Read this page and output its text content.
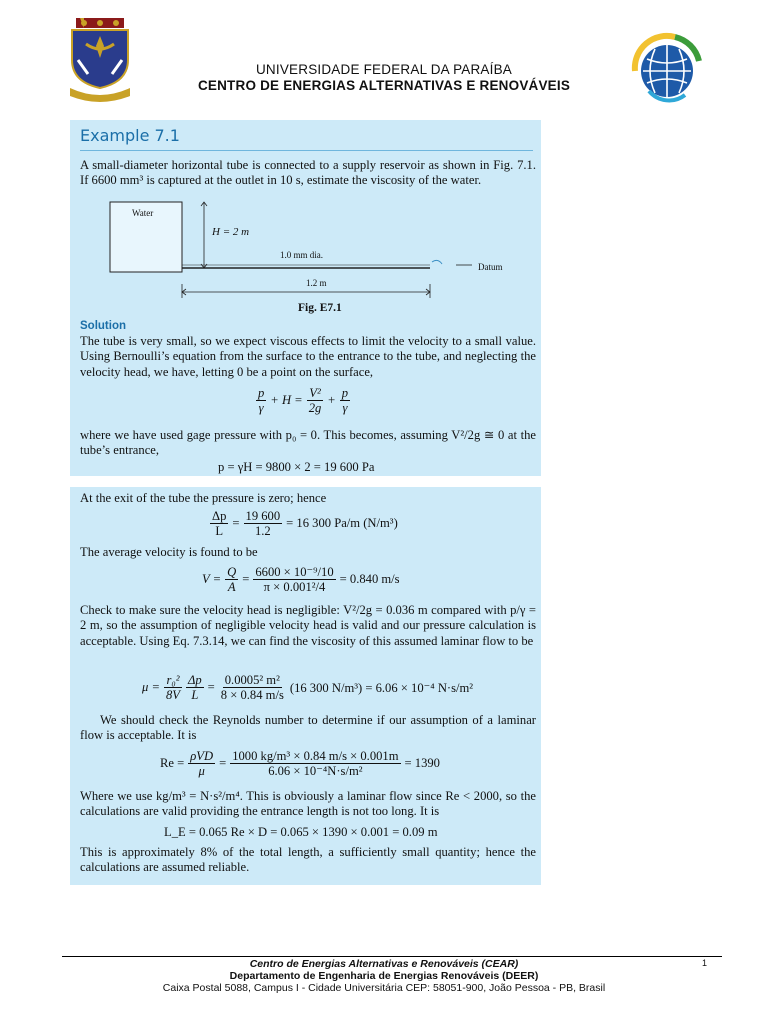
UNIVERSIDADE FEDERAL DA PARAÍBA
CENTRO DE ENERGIAS ALTERNATIVAS E RENOVÁVEIS
Example 7.1

A small-diameter horizontal tube is connected to a supply reservoir as shown in Fig. 7.1. If 6600 mm³ is captured at the outlet in 10 s, estimate the viscosity of the water.

Water
H = 2 m
1.0 mm dia.
Datum
1.2 m
Fig. E7.1
Solution

The tube is very small, so we expect viscous effects to limit the velocity to a small value. Using Bernoulli’s equation from the surface to the entrance to the tube, and neglecting the velocity head, we have, letting 0 be a point on the surface,

$\frac{p}{\gamma} + H = \frac{\text{V²}}{2g} + \frac{p}{\gamma}$

where we have used gage pressure with p₀ = 0. This becomes, assuming V²/2g ≅ 0 at the tube’s entrance,

p = γH = 9800 × 2 = 19 600 Pa

At the exit of the tube the pressure is zero; hence

$\frac{\Delta p}{L} = \frac{19 600}{1.2} = 16$ 300 Pa/m (N/m³)

The average velocity is found to be

$V = \frac{Q}{A} = \frac{\text{6600 × 10⁻⁹/10}}{\text{π × 0.001²/4}} = 0.840$ m/s

Check to make sure the velocity head is negligible: V²/2g = 0.036 m compared with p/γ = 2 m, so the assumption of negligible velocity head is valid and our pressure calculation is acceptable. Using Eq. 7.3.14, we can find the viscosity of this assumed laminar flow to be

$\mu = \frac{\text{r₀²}}{8V} \frac{\Delta p}{L} = \frac{\text{0.0005² m²}}{8 \times 0.84 m/s} (16$ 300 N/m³) = 6.06 × 10⁻⁴ N·s/m²

We should check the Reynolds number to determine if our assumption of a laminar flow is acceptable. It is

$Re = \frac{\text{ρVD}}{\mu} = \frac{\text{1000 kg/m³ × 0.84 m/s × 0.001m}}{\text{6.06 × 10⁻⁴N·s/m²}} = 1390$

Where we use kg/m³ = N·s²/m⁴. This is obviously a laminar flow since Re < 2000, so the calculations are valid providing the entrance length is not too long. It is

L_E = 0.065 Re × D = 0.065 × 1390 × 0.001 = 0.09 m

This is approximately 8% of the total length, a sufficiently small quantity; hence the calculations are assumed reliable.

Centro de Energias Alternativas e Renováveis (CEAR)
Departamento de Engenharia de Energias Renováveis (DEER)
Caixa Postal 5088, Campus I - Cidade Universitária CEP: 58051-900, João Pessoa - PB, Brasil
1
